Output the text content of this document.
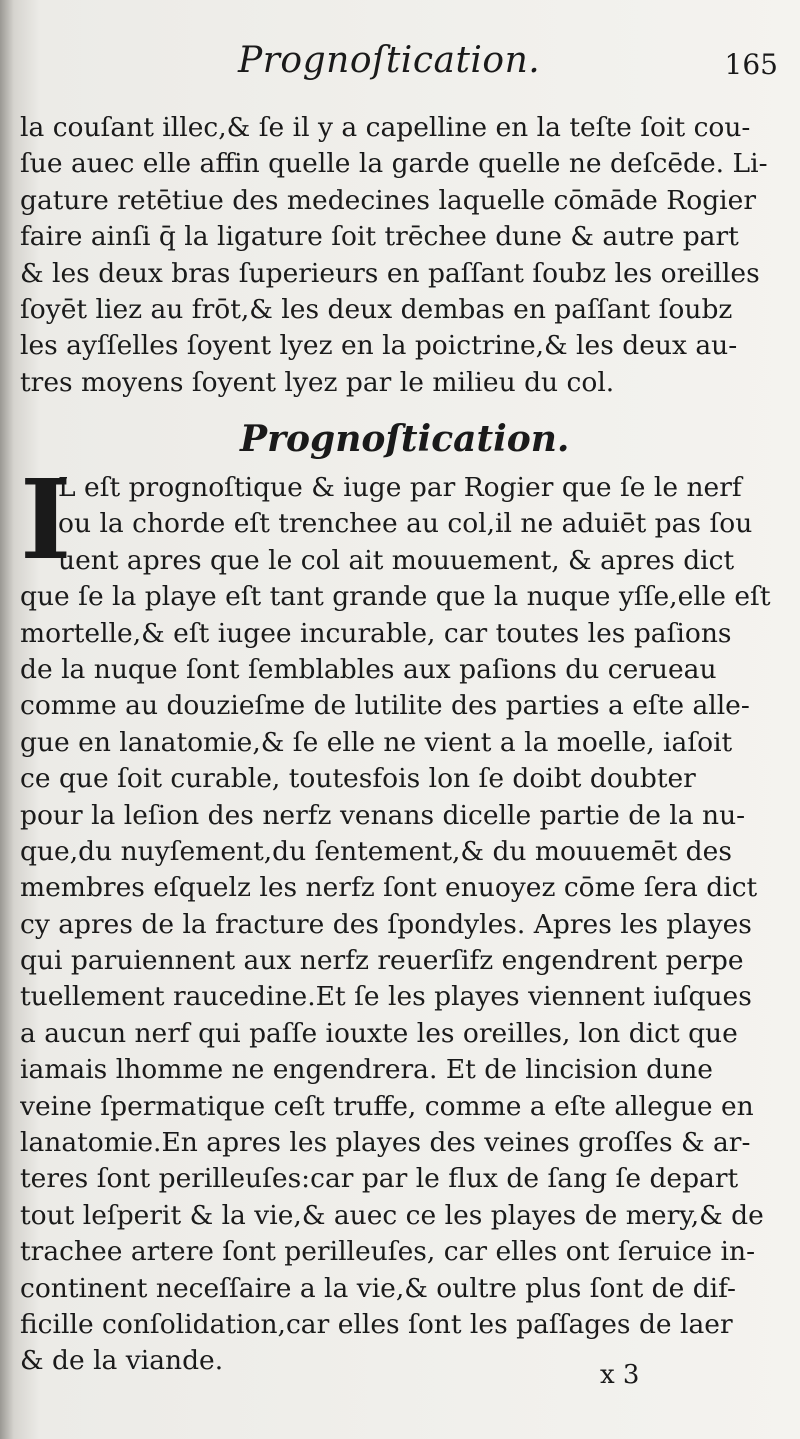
Prognoſtication.	165
la couſant illec,& ſe il y a capelline en la teſte ſoit cou-
ſue auec elle affin quelle la garde quelle ne deſcēde. Li-
gature retētiue des medecines laquelle cōmāde Rogier
faire ainſi q̄ la ligature ſoit trēchee dune & autre part
& les deux bras ſuperieurs en paſſant ſoubz les oreilles
ſoyēt liez au frōt,& les deux dembas en paſſant ſoubz
les ayſſelles ſoyent lyez en la poictrine,& les deux au-
tres moyens ſoyent lyez par le milieu du col.
Prognoſtication.
I
L eſt prognoſtique & iuge par Rogier que ſe le nerf
ou la chorde eſt trenchee au col,il ne aduiēt pas ſou
uent apres que le col ait mouuement, & apres dict
que ſe la playe eſt tant grande que la nuque yſſe,elle eſt
mortelle,& eſt iugee incurable, car toutes les paſions
de la nuque ſont ſemblables aux paſions du cerueau
comme au douzieſme de lutilite des parties a eſte alle-
gue en lanatomie,& ſe elle ne vient a la moelle, iaſoit
ce que ſoit curable, toutesfois lon ſe doibt doubter
pour la leſion des nerfz venans dicelle partie de la nu-
que,du nuyſement,du ſentement,& du mouuemēt des
membres eſquelz les nerfz ſont enuoyez cōme ſera dict
cy apres de la fracture des ſpondyles. Apres les playes
qui paruiennent aux nerfz reuerſifz engendrent perpe
tuellement raucedine.Et ſe les playes viennent iuſques
a aucun nerf qui paſſe iouxte les oreilles, lon dict que
iamais lhomme ne engendrera. Et de lincision dune
veine ſpermatique ceſt truffe, comme a eſte allegue en
lanatomie.En apres les playes des veines groſſes & ar-
teres ſont perilleuſes:car par le flux de ſang ſe depart
tout leſperit & la vie,& auec ce les playes de mery,& de
trachee artere ſont perilleuſes, car elles ont ſeruice in-
continent neceſſaire a la vie,& oultre plus ſont de dif-
ficille conſolidation,car elles ſont les paſſages de laer
& de la viande.	x 3
